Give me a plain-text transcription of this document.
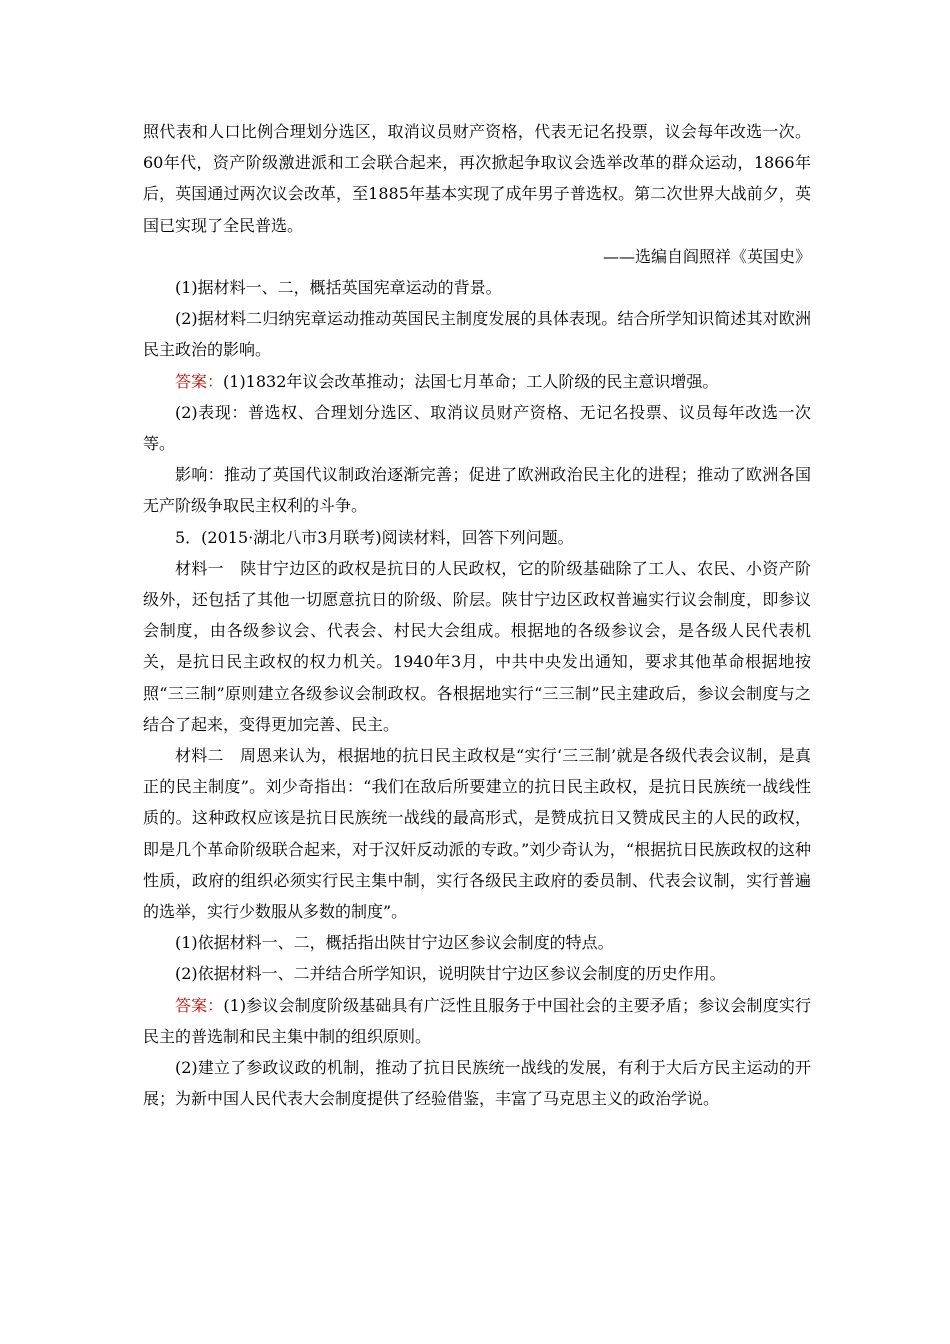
照代表和人口比例合理划分选区，取消议员财产资格，代表无记名投票，议会每年改选一次。60年代，资产阶级激进派和工会联合起来，再次掀起争取议会选举改革的群众运动，1866年后，英国通过两次议会改革，至1885年基本实现了成年男子普选权。第二次世界大战前夕，英国已实现了全民普选。

——选编自阎照祥《英国史》

(1)据材料一、二，概括英国宪章运动的背景。

(2)据材料二归纳宪章运动推动英国民主制度发展的具体表现。结合所学知识简述其对欧洲民主政治的影响。

答案：(1)1832年议会改革推动；法国七月革命；工人阶级的民主意识增强。

(2)表现：普选权、合理划分选区、取消议员财产资格、无记名投票、议员每年改选一次等。

影响：推动了英国代议制政治逐渐完善；促进了欧洲政治民主化的进程；推动了欧洲各国无产阶级争取民主权利的斗争。

5．(2015·湖北八市3月联考)阅读材料，回答下列问题。

材料一　陕甘宁边区的政权是抗日的人民政权，它的阶级基础除了工人、农民、小资产阶级外，还包括了其他一切愿意抗日的阶级、阶层。陕甘宁边区政权普遍实行议会制度，即参议会制度，由各级参议会、代表会、村民大会组成。根据地的各级参议会，是各级人民代表机关，是抗日民主政权的权力机关。1940年3月，中共中央发出通知，要求其他革命根据地按照“三三制”原则建立各级参议会制政权。各根据地实行“三三制”民主建政后，参议会制度与之结合了起来，变得更加完善、民主。

材料二　周恩来认为，根据地的抗日民主政权是“实行‘三三制’就是各级代表会议制，是真正的民主制度”。刘少奇指出：“我们在敌后所要建立的抗日民主政权，是抗日民族统一战线性质的。这种政权应该是抗日民族统一战线的最高形式，是赞成抗日又赞成民主的人民的政权，即是几个革命阶级联合起来，对于汉奸反动派的专政。”刘少奇认为，“根据抗日民族政权的这种性质，政府的组织必须实行民主集中制，实行各级民主政府的委员制、代表会议制，实行普遍的选举，实行少数服从多数的制度”。

(1)依据材料一、二，概括指出陕甘宁边区参议会制度的特点。

(2)依据材料一、二并结合所学知识，说明陕甘宁边区参议会制度的历史作用。

答案：(1)参议会制度阶级基础具有广泛性且服务于中国社会的主要矛盾；参议会制度实行民主的普选制和民主集中制的组织原则。

(2)建立了参政议政的机制，推动了抗日民族统一战线的发展，有利于大后方民主运动的开展；为新中国人民代表大会制度提供了经验借鉴，丰富了马克思主义的政治学说。
